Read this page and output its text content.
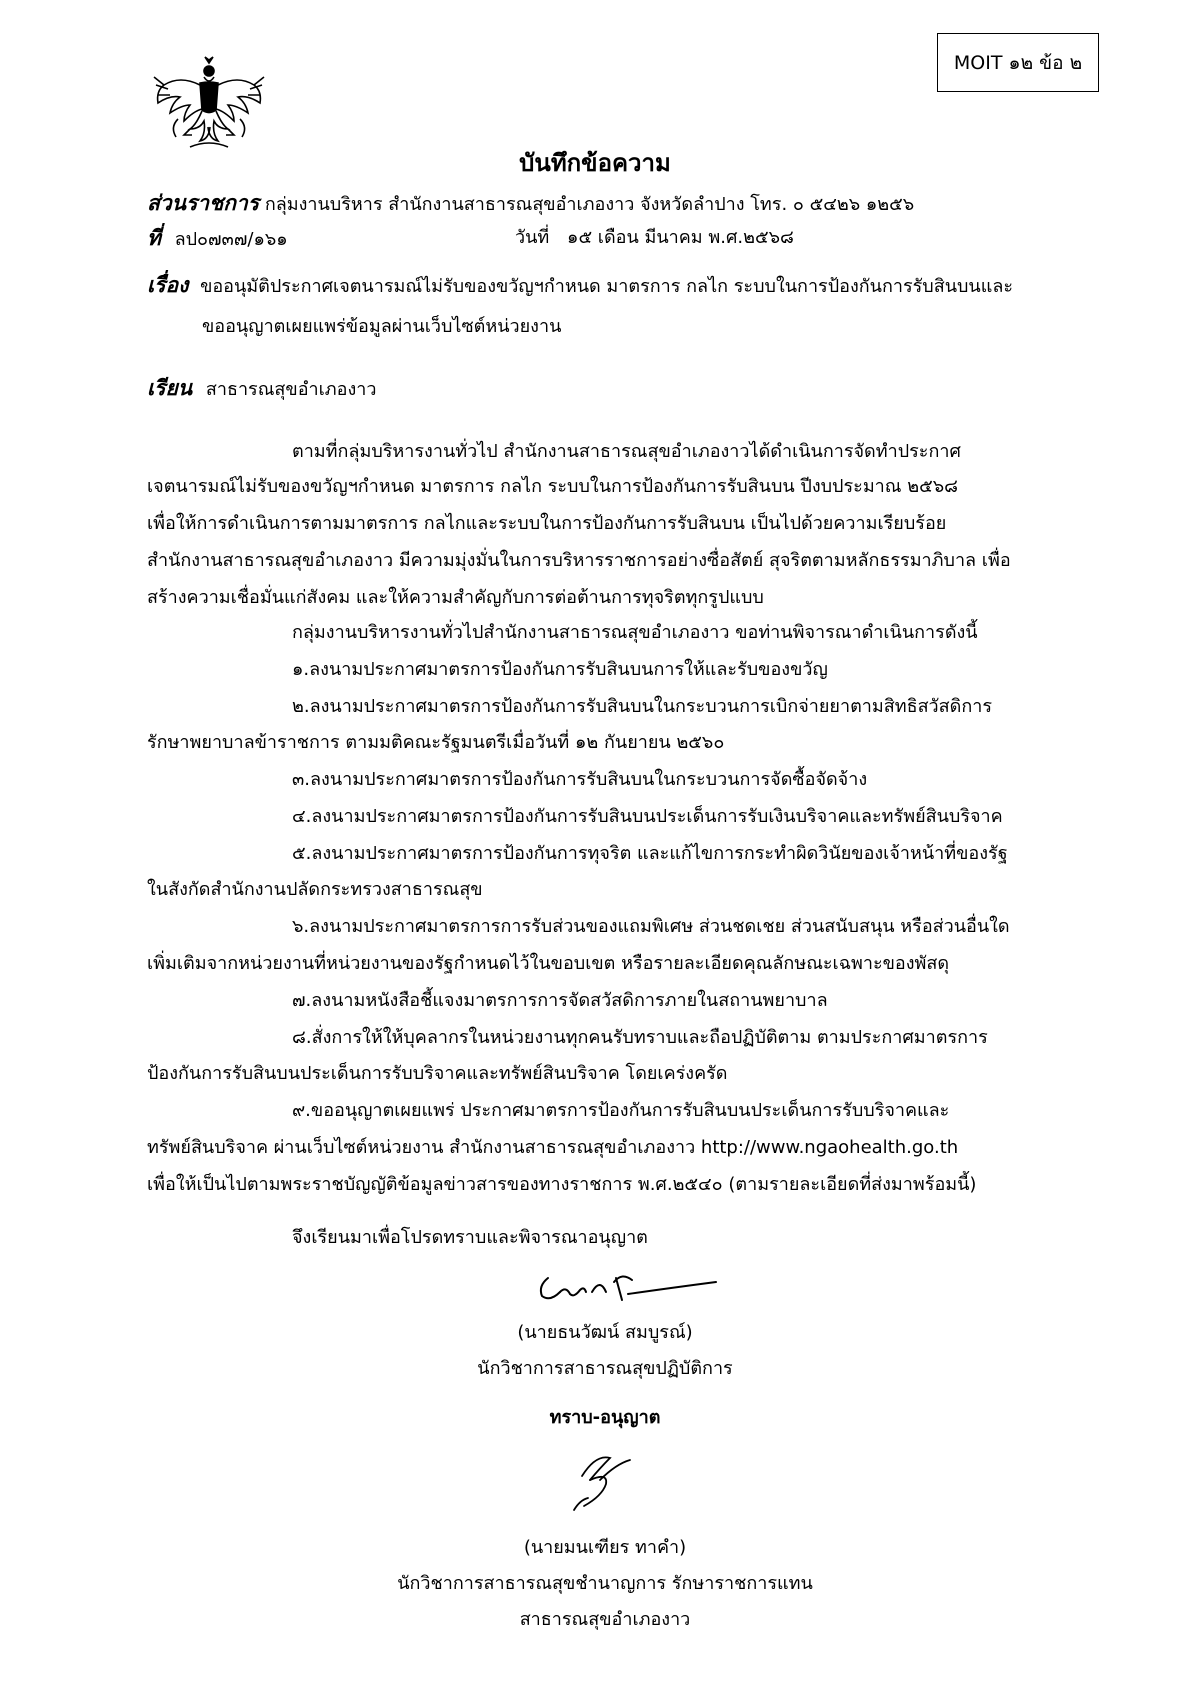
MOIT ๑๒ ข้อ ๒
บันทึกข้อความ
ส่วนราชการ กลุ่มงานบริหาร สำนักงานสาธารณสุขอำเภองาว จังหวัดลำปาง โทร. ๐ ๕๔๒๖ ๑๒๕๖
ที่ ลป๐๗๓๗/๑๖๑	วันที่ ๑๕ เดือน มีนาคม พ.ศ.๒๕๖๘
เรื่อง ขออนุมัติประกาศเจตนารมณ์ไม่รับของขวัญฯกำหนด มาตรการ กลไก ระบบในการป้องกันการรับสินบนและ
ขออนุญาตเผยแพร่ข้อมูลผ่านเว็บไซต์หน่วยงาน
เรียน สาธารณสุขอำเภองาว
ตามที่กลุ่มบริหารงานทั่วไป สำนักงานสาธารณสุขอำเภองาวได้ดำเนินการจัดทำประกาศ
เจตนารมณ์ไม่รับของขวัญฯกำหนด มาตรการ กลไก ระบบในการป้องกันการรับสินบน ปีงบประมาณ ๒๕๖๘
เพื่อให้การดำเนินการตามมาตรการ กลไกและระบบในการป้องกันการรับสินบน เป็นไปด้วยความเรียบร้อย
สำนักงานสาธารณสุขอำเภองาว มีความมุ่งมั่นในการบริหารราชการอย่างซื่อสัตย์ สุจริตตามหลักธรรมาภิบาล เพื่อ
สร้างความเชื่อมั่นแก่สังคม และให้ความสำคัญกับการต่อต้านการทุจริตทุกรูปแบบ
กลุ่มงานบริหารงานทั่วไปสำนักงานสาธารณสุขอำเภองาว ขอท่านพิจารณาดำเนินการดังนี้
๑.ลงนามประกาศมาตรการป้องกันการรับสินบนการให้และรับของขวัญ
๒.ลงนามประกาศมาตรการป้องกันการรับสินบนในกระบวนการเบิกจ่ายยาตามสิทธิสวัสดิการ
รักษาพยาบาลข้าราชการ ตามมติคณะรัฐมนตรีเมื่อวันที่ ๑๒ กันยายน ๒๕๖๐
๓.ลงนามประกาศมาตรการป้องกันการรับสินบนในกระบวนการจัดซื้อจัดจ้าง
๔.ลงนามประกาศมาตรการป้องกันการรับสินบนประเด็นการรับเงินบริจาคและทรัพย์สินบริจาค
๕.ลงนามประกาศมาตรการป้องกันการทุจริต และแก้ไขการกระทำผิดวินัยของเจ้าหน้าที่ของรัฐ
ในสังกัดสำนักงานปลัดกระทรวงสาธารณสุข
๖.ลงนามประกาศมาตรการการรับส่วนของแถมพิเศษ ส่วนชดเชย ส่วนสนับสนุน หรือส่วนอื่นใด
เพิ่มเติมจากหน่วยงานที่หน่วยงานของรัฐกำหนดไว้ในขอบเขต หรือรายละเอียดคุณลักษณะเฉพาะของพัสดุ
๗.ลงนามหนังสือชี้แจงมาตรการการจัดสวัสดิการภายในสถานพยาบาล
๘.สั่งการให้ให้บุคลากรในหน่วยงานทุกคนรับทราบและถือปฏิบัติตาม ตามประกาศมาตรการ
ป้องกันการรับสินบนประเด็นการรับบริจาคและทรัพย์สินบริจาค โดยเคร่งครัด
๙.ขออนุญาตเผยแพร่ ประกาศมาตรการป้องกันการรับสินบนประเด็นการรับบริจาคและ
ทรัพย์สินบริจาค ผ่านเว็บไซต์หน่วยงาน สำนักงานสาธารณสุขอำเภองาว http://www.ngaohealth.go.th
เพื่อให้เป็นไปตามพระราชบัญญัติข้อมูลข่าวสารของทางราชการ พ.ศ.๒๕๔๐ (ตามรายละเอียดที่ส่งมาพร้อมนี้)
จึงเรียนมาเพื่อโปรดทราบและพิจารณาอนุญาต
(นายธนวัฒน์ สมบูรณ์)
นักวิชาการสาธารณสุขปฏิบัติการ
ทราบ-อนุญาต
(นายมนเฑียร ทาคำ)
นักวิชาการสาธารณสุขชำนาญการ รักษาราชการแทน
สาธารณสุขอำเภองาว
